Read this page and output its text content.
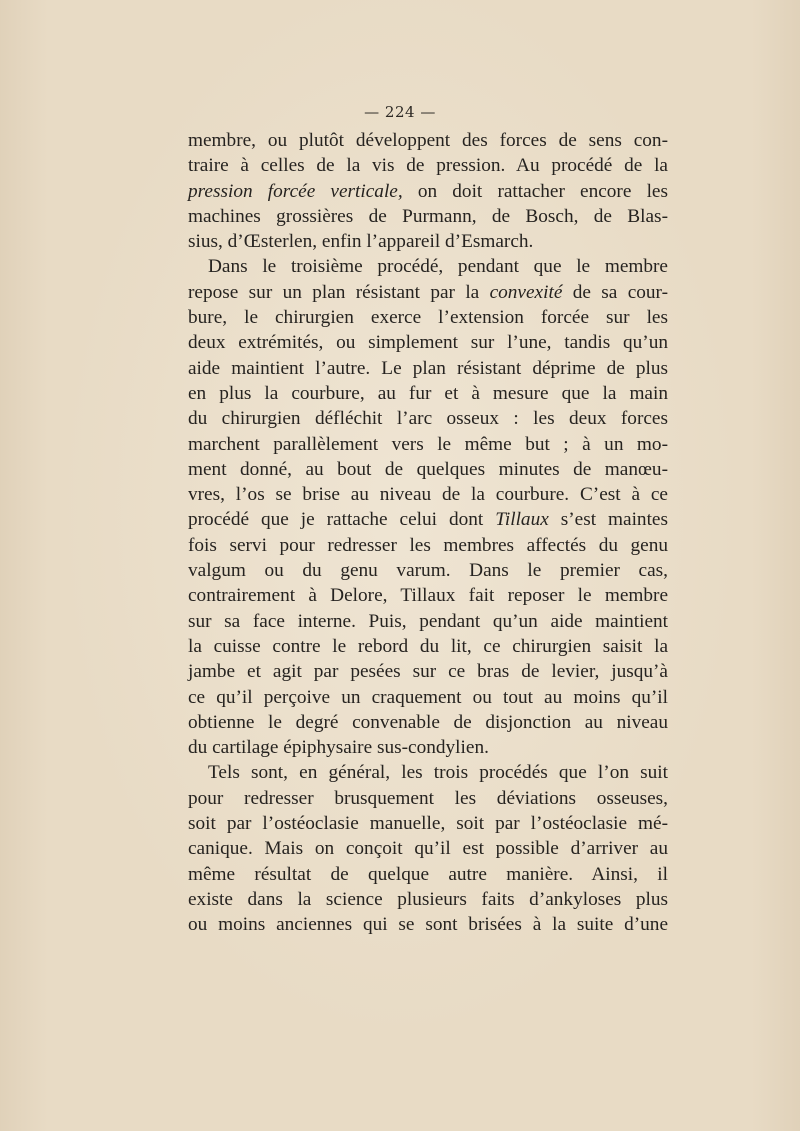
— 224 —
membre, ou plutôt développent des forces de sens con-
traire à celles de la vis de pression. Au procédé de la
pression forcée verticale, on doit rattacher encore les
machines grossières de Purmann, de Bosch, de Blas-
sius, d’Œsterlen, enfin l’appareil d’Esmarch.
Dans le troisième procédé, pendant que le membre
repose sur un plan résistant par la convexité de sa cour-
bure, le chirurgien exerce l’extension forcée sur les
deux extrémités, ou simplement sur l’une, tandis qu’un
aide maintient l’autre. Le plan résistant déprime de plus
en plus la courbure, au fur et à mesure que la main
du chirurgien défléchit l’arc osseux : les deux forces
marchent parallèlement vers le même but ; à un mo-
ment donné, au bout de quelques minutes de manœu-
vres, l’os se brise au niveau de la courbure. C’est à ce
procédé que je rattache celui dont Tillaux s’est maintes
fois servi pour redresser les membres affectés du genu
valgum ou du genu varum. Dans le premier cas,
contrairement à Delore, Tillaux fait reposer le membre
sur sa face interne. Puis, pendant qu’un aide maintient
la cuisse contre le rebord du lit, ce chirurgien saisit la
jambe et agit par pesées sur ce bras de levier, jusqu’à
ce qu’il perçoive un craquement ou tout au moins qu’il
obtienne le degré convenable de disjonction au niveau
du cartilage épiphysaire sus-condylien.
Tels sont, en général, les trois procédés que l’on suit
pour redresser brusquement les déviations osseuses,
soit par l’ostéoclasie manuelle, soit par l’ostéoclasie mé-
canique. Mais on conçoit qu’il est possible d’arriver au
même résultat de quelque autre manière. Ainsi, il
existe dans la science plusieurs faits d’ankyloses plus
ou moins anciennes qui se sont brisées à la suite d’une
